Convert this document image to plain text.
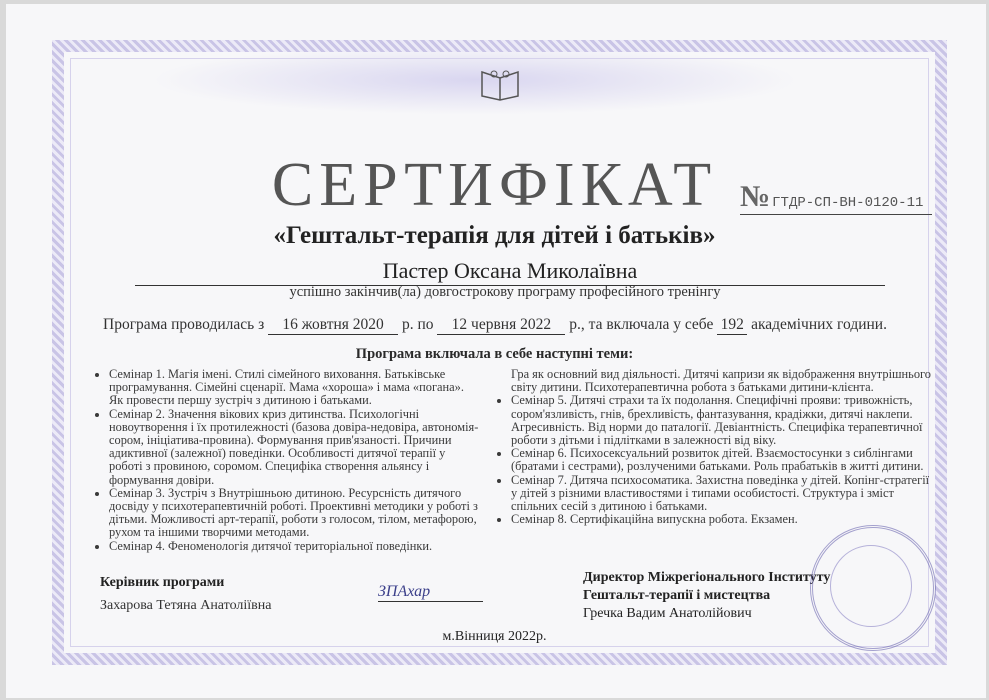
СЕРТИФІКАТ № ГТДР-СП-ВН-0120-11
«Гештальт-терапія для дітей і батьків»
Пастер Оксана Миколаївна
успішно закінчив(ла) довгострокову програму професійного тренінгу
Програма проводилась з 16 жовтня 2020 р. по 12 червня 2022 р., та включала у себе 192 академічних години.
Програма включала в себе наступні теми:
• Семінар 1. Магія імені. Стилі сімейного виховання. Батьківське програмування. Сімейні сценарії. Мама «хороша» і мама «погана». Як провести першу зустріч з дитиною і батьками.
• Семінар 2. Значення вікових криз дитинства. Психологічні новоутворення і їх протилежності (базова довіра-недовіра, автономія-сором, ініціатива-провина). Формування прив'язаності. Причини адиктивної (залежної) поведінки. Особливості дитячої терапії у роботі з провиною, соромом. Специфіка створення альянсу і формування довіри.
• Семінар 3. Зустріч з Внутрішньою дитиною. Ресурсність дитячого досвіду у психотерапевтичній роботі. Проективні методики у роботі з дітьми. Можливості арт-терапії, роботи з голосом, тілом, метафорою, рухом та іншими творчими методами.
• Семінар 4. Феноменологія дитячої територіальної поведінки.
Гра як основний вид діяльності. Дитячі капризи як відображення внутрішнього світу дитини. Психотерапевтична робота з батьками дитини-клієнта.
• Семінар 5. Дитячі страхи та їх подолання. Специфічні прояви: тривожність, сором'язливість, гнів, брехливість, фантазування, крадіжки, дитячі наклепи. Агресивність. Від норми до паталогії. Девіантність. Специфіка терапевтичної роботи з дітьми і підлітками в залежності від віку.
• Семінар 6. Психосексуальний розвиток дітей. Взаємостосунки з сиблінгами (братами і сестрами), розлученими батьками. Роль прабатьків в житті дитини.
• Семінар 7. Дитяча психосоматика. Захистна поведінка у дітей. Копінг-стратегії у дітей з різними властивостями і типами особистості. Структура і зміст спільних сесій з дитиною і батьками.
• Семінар 8. Сертифікаційна випускна робота. Екзамен.
Керівник програми
Захарова Тетяна Анатоліївна
ЗПАхар
Директор Міжрегіонального Інституту
Гештальт-терапії і мистецтва
Гречка Вадим Анатолійович
м.Вінниця 2022р.
